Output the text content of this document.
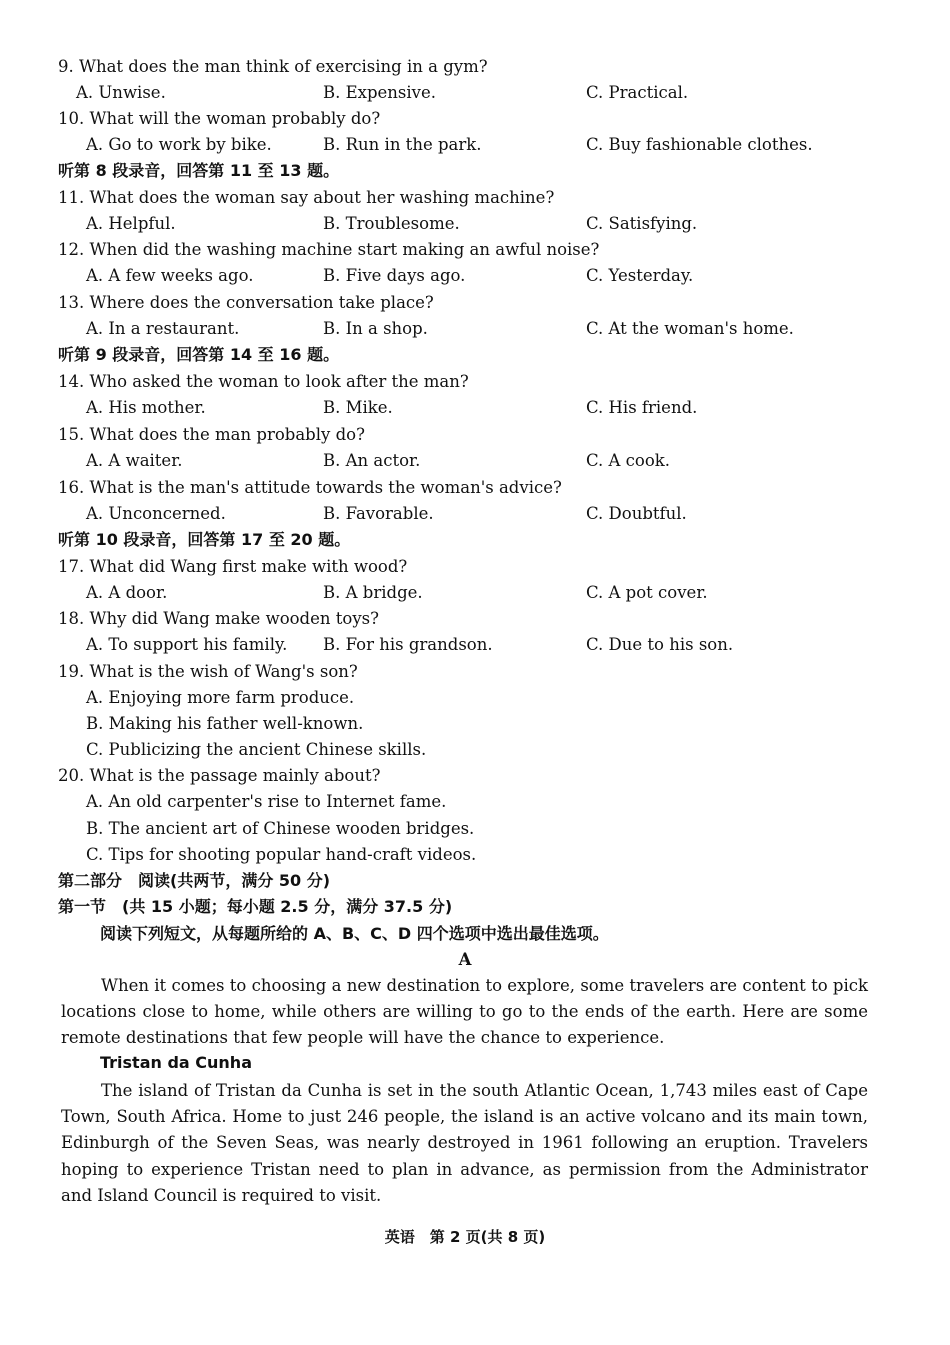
9. What does the man think of exercising in a gym?
A. Unwise.	B. Expensive.	C. Practical.
10. What will the woman probably do?
A. Go to work by bike.	B. Run in the park.	C. Buy fashionable clothes.
听第 8 段录音，回答第 11 至 13 题。
11. What does the woman say about her washing machine?
A. Helpful.	B. Troublesome.	C. Satisfying.
12. When did the washing machine start making an awful noise?
A. A few weeks ago.	B. Five days ago.	C. Yesterday.
13. Where does the conversation take place?
A. In a restaurant.	B. In a shop.	C. At the woman's home.
听第 9 段录音，回答第 14 至 16 题。
14. Who asked the woman to look after the man?
A. His mother.	B. Mike.	C. His friend.
15. What does the man probably do?
A. A waiter.	B. An actor.	C. A cook.
16. What is the man's attitude towards the woman's advice?
A. Unconcerned.	B. Favorable.	C. Doubtful.
听第 10 段录音，回答第 17 至 20 题。
17. What did Wang first make with wood?
A. A door.	B. A bridge.	C. A pot cover.
18. Why did Wang make wooden toys?
A. To support his family. B. For his grandson.	C. Due to his son.
19. What is the wish of Wang's son?
A. Enjoying more farm produce.
B. Making his father well-known.
C. Publicizing the ancient Chinese skills.
20. What is the passage mainly about?
A. An old carpenter's rise to Internet fame.
B. The ancient art of Chinese wooden bridges.
C. Tips for shooting popular hand-craft videos.
第二部分　阅读(共两节，满分 50 分)
第一节　(共 15 小题；每小题 2.5 分，满分 37.5 分)
阅读下列短文，从每题所给的 A、B、C、D 四个选项中选出最佳选项。
A
When it comes to choosing a new destination to explore, some travelers are content to pick locations close to home, while others are willing to go to the ends of the earth. Here are some remote destinations that few people will have the chance to experience.
Tristan da Cunha
The island of Tristan da Cunha is set in the south Atlantic Ocean, 1,743 miles east of Cape Town, South Africa. Home to just 246 people, the island is an active volcano and its main town, Edinburgh of the Seven Seas, was nearly destroyed in 1961 following an eruption. Travelers hoping to experience Tristan need to plan in advance, as permission from the Administrator and Island Council is required to visit.
英语　第 2 页(共 8 页)
